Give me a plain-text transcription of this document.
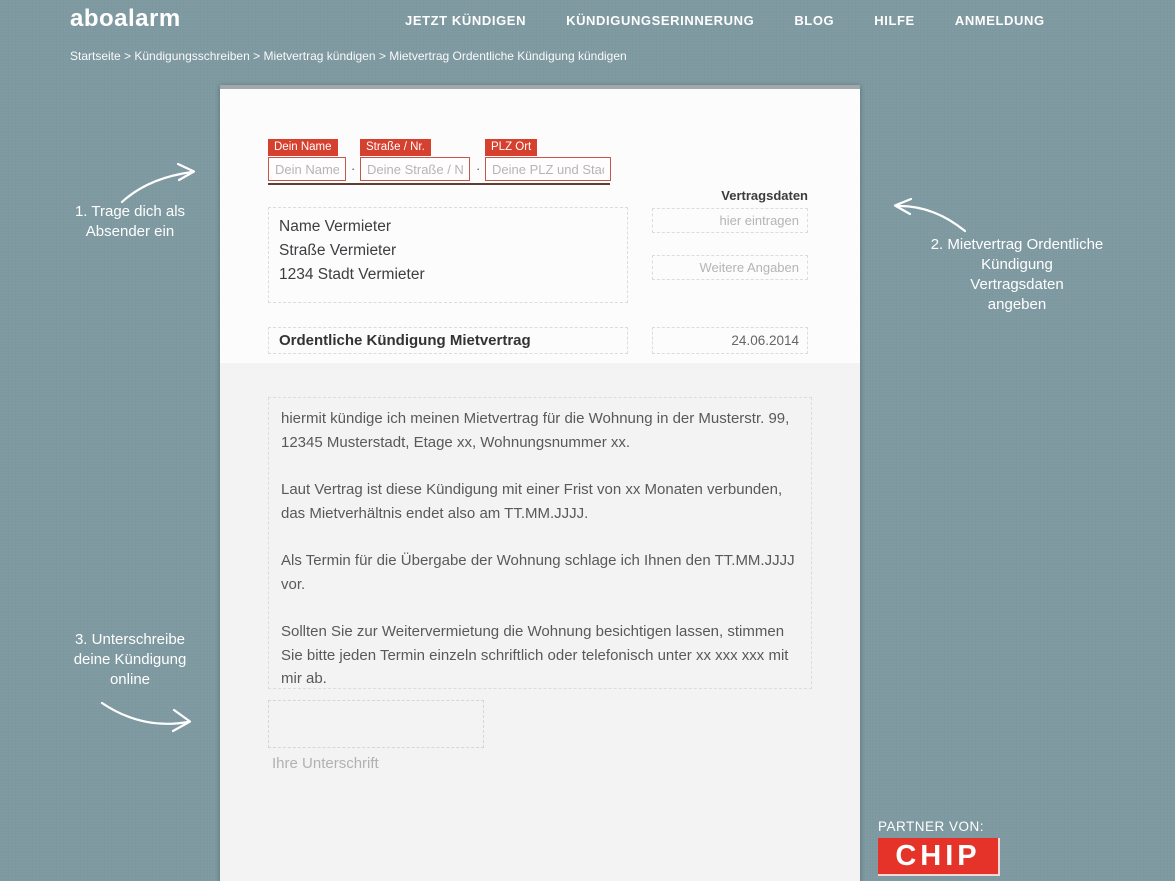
aboalarm	JETZT KÜNDIGEN	KÜNDIGUNGSERINNERUNG	BLOG	HILFE	ANMELDUNG
Startseite > Kündigungsschreiben > Mietvertrag kündigen > Mietvertrag Ordentliche Kündigung kündigen
Dein Name	Straße / Nr.	PLZ Ort
Dein Name
·
Deine Straße / Nr.	·
Deine PLZ und Stadt
Vertragsdaten
Name Vermieter
Straße Vermieter
1234 Stadt Vermieter
hier eintragen
Weitere Angaben
Ordentliche Kündigung Mietvertrag	24.06.2014

hiermit kündige ich meinen Mietvertrag für die Wohnung in der Musterstr. 99, 12345 Musterstadt, Etage xx, Wohnungsnummer xx.

Laut Vertrag ist diese Kündigung mit einer Frist von xx Monaten verbunden, das Mietverhältnis endet also am TT.MM.JJJJ.

Als Termin für die Übergabe der Wohnung schlage ich Ihnen den TT.MM.JJJJ vor.

Sollten Sie zur Weitervermietung die Wohnung besichtigen lassen, stimmen Sie bitte jeden Termin einzeln schriftlich oder telefonisch unter xx xxx xxx mit mir ab.

Ihre Unterschrift
1. Trage dich als
Absender ein
2. Mietvertrag Ordentliche Kündigung
Vertragsdaten
angeben
3. Unterschreibe
deine Kündigung
online
PARTNER VON:
CHIP
